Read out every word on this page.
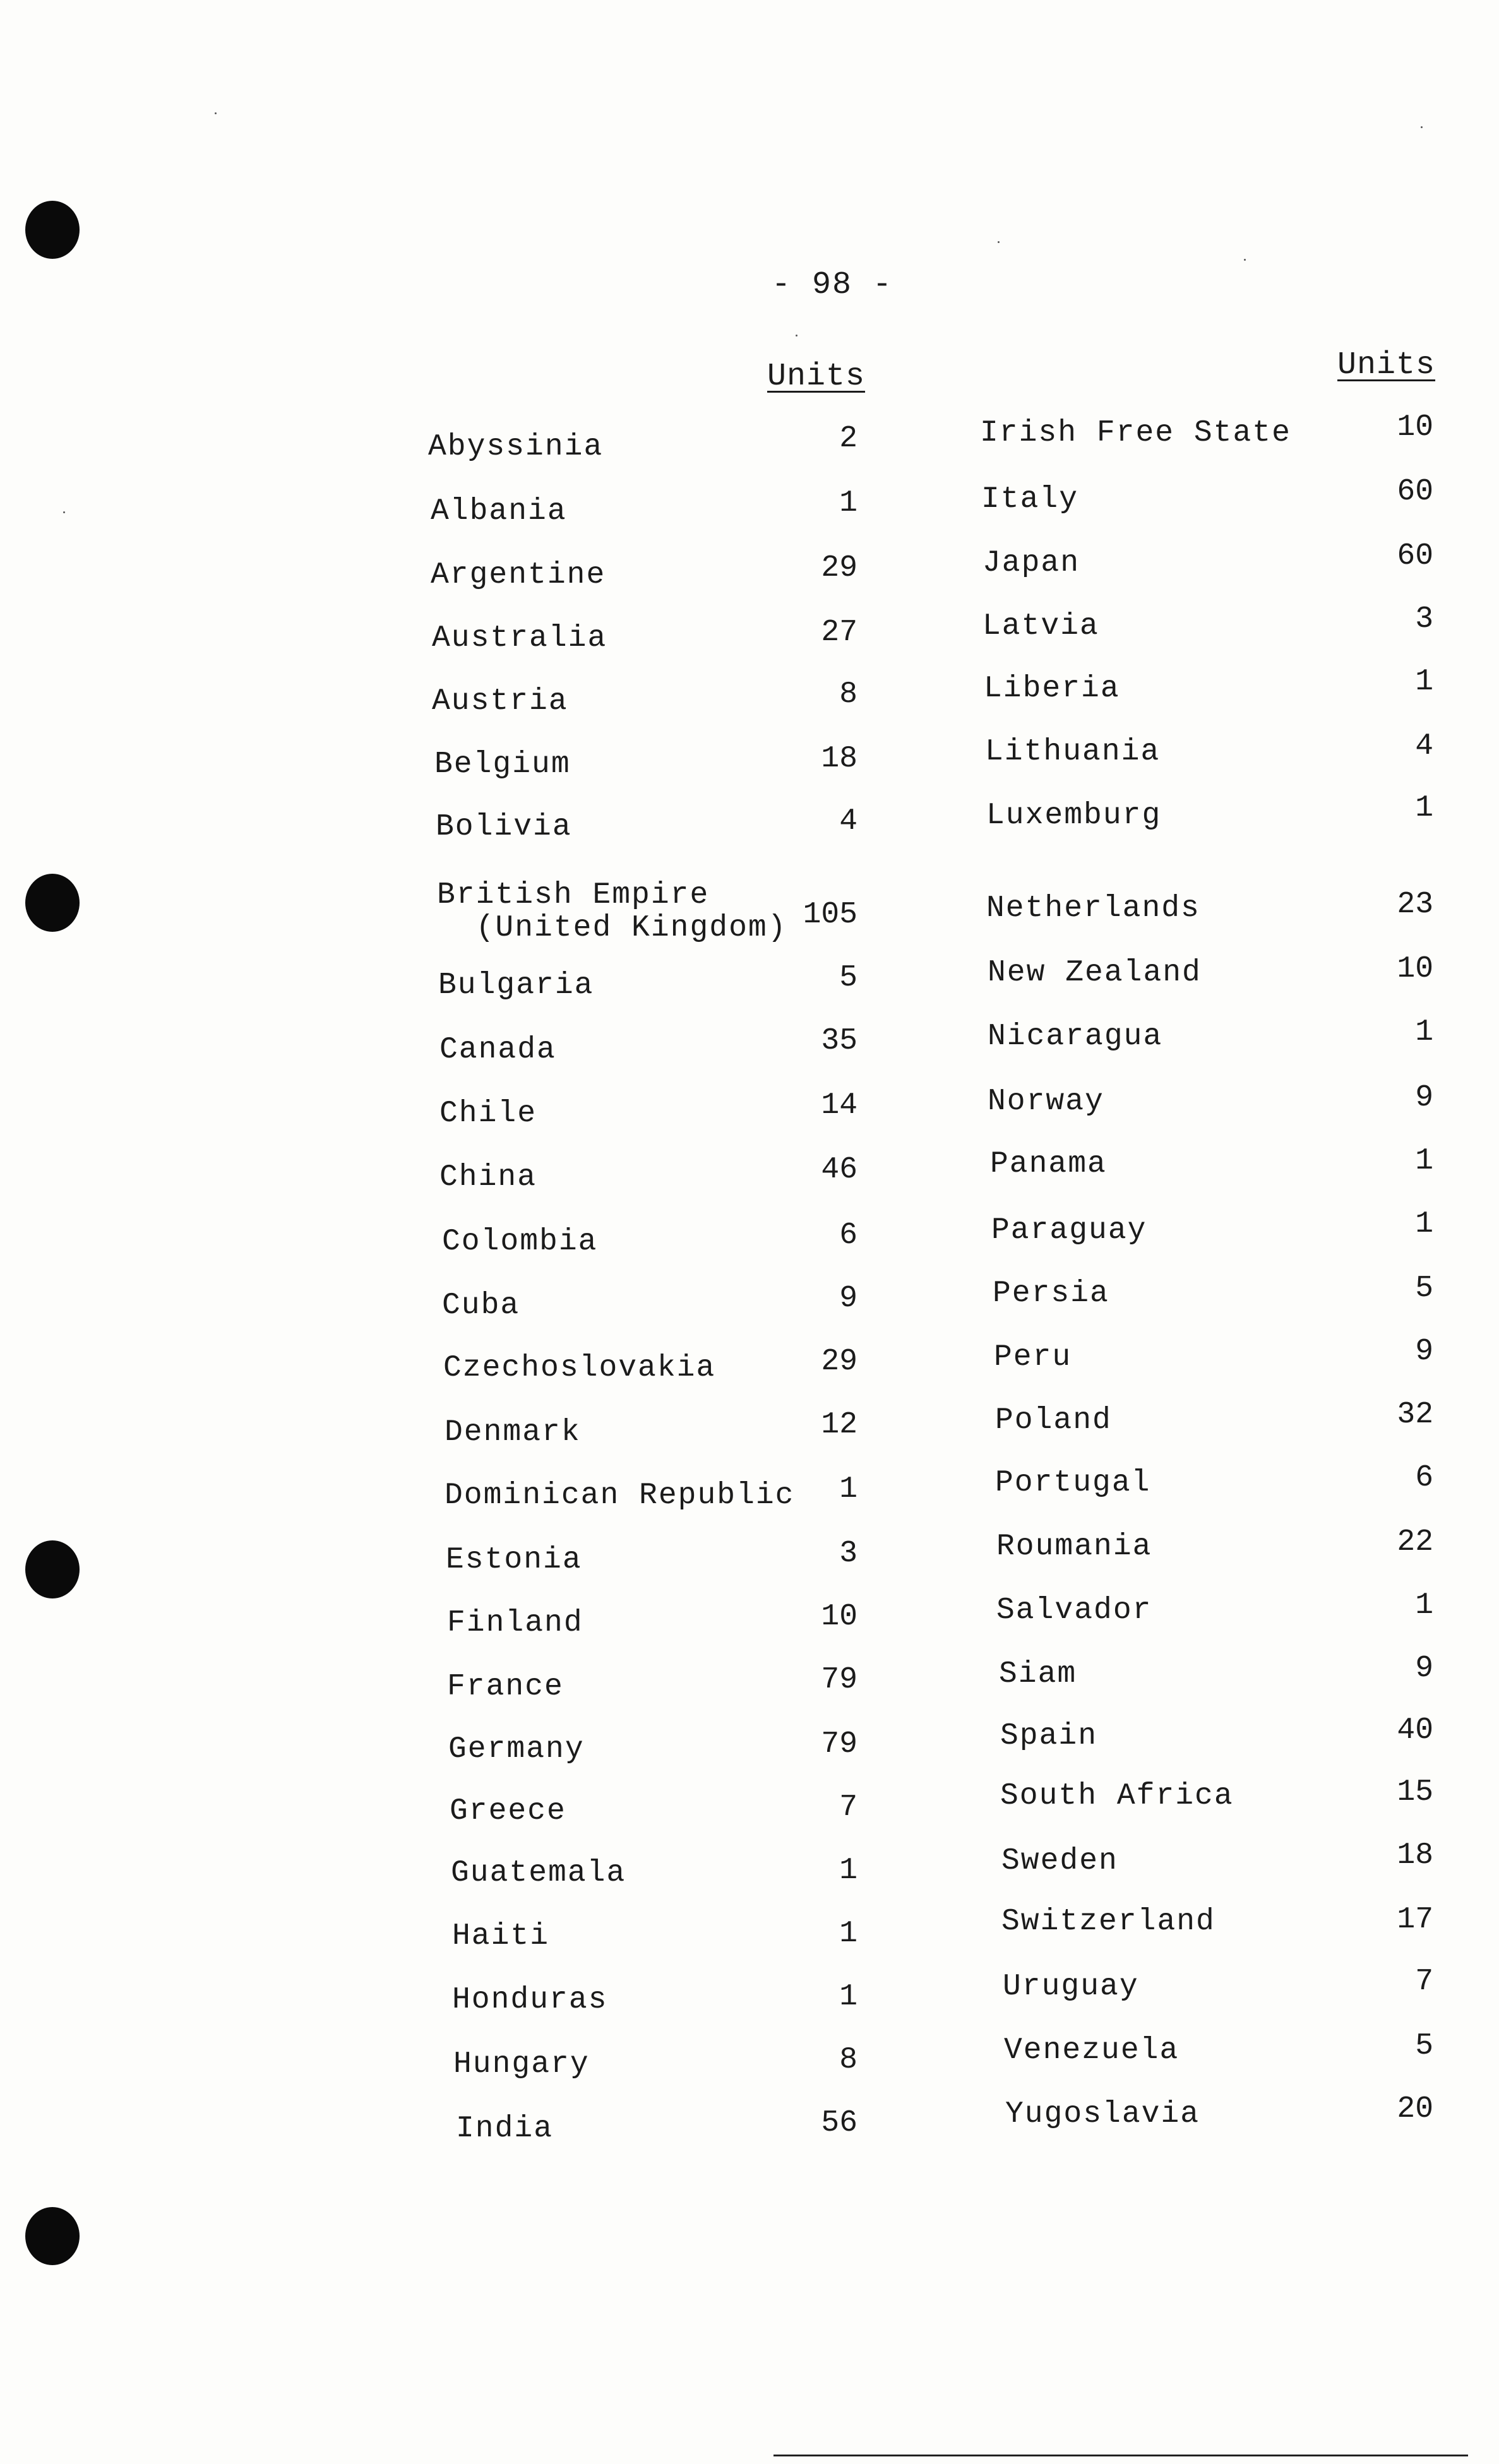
- 98 -
Units	Units
Abyssinia	2
Albania	1
Argentine	29
Australia	27
Austria	8
Belgium	18
Bolivia	4
British Empire
(United Kingdom) 105
Bulgaria	5
Canada	35
Chile	14
China	46
Colombia	6
Cuba	9
Czechoslovakia	29
Denmark	12
Dominican Republic	1
Estonia	3
Finland	10
France	79
Germany	79
Greece	7
Guatemala	1
Haiti	1
Honduras	1
Hungary	8
India	56
Irish Free State	10
Italy	60
Japan	60
Latvia	3
Liberia	1
Lithuania	4
Luxemburg	1
Netherlands	23
New Zealand	10
Nicaragua	1
Norway	9
Panama	1
Paraguay	1
Persia	5
Peru	9
Poland	32
Portugal	6
Roumania	22
Salvador	1
Siam	9
Spain	40
South Africa	15
Sweden	18
Switzerland	17
Uruguay	7
Venezuela	5
Yugoslavia	20
